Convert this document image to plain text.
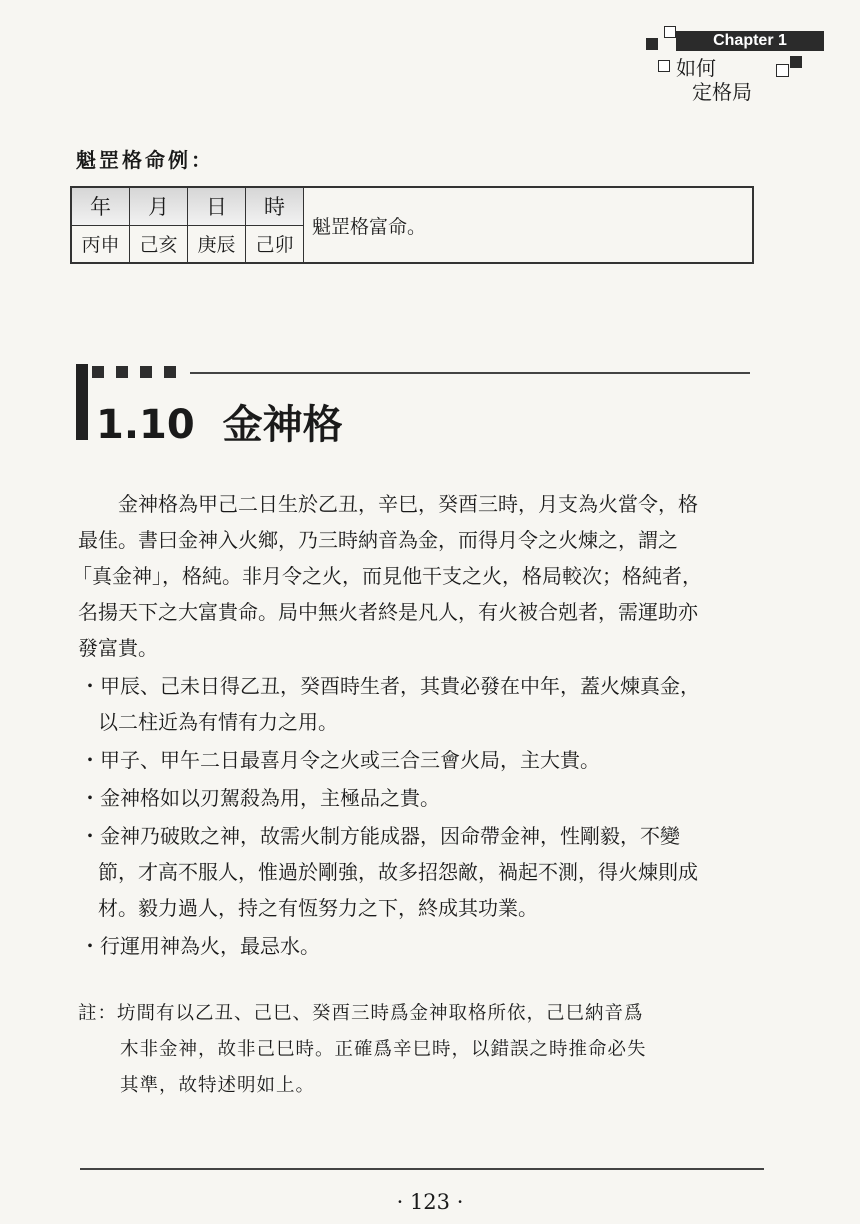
Chapter 1
如何
定格局
魁罡格命例：
年	月	日	時
丙申	己亥	庚辰	己卯
魁罡格富命。
1.10 金神格
金神格為甲己二日生於乙丑，辛巳，癸酉三時，月支為火當令，格
最佳。書曰金神入火鄉，乃三時納音為金，而得月令之火煉之，謂之
「真金神」，格純。非月令之火，而見他干支之火，格局較次；格純者，
名揚天下之大富貴命。局中無火者終是凡人，有火被合剋者，需運助亦
發富貴。
・甲辰、己未日得乙丑，癸酉時生者，其貴必發在中年，蓋火煉真金，
以二柱近為有情有力之用。
・甲子、甲午二日最喜月令之火或三合三會火局，主大貴。
・金神格如以刃駕殺為用，主極品之貴。
・金神乃破敗之神，故需火制方能成器，因命帶金神，性剛毅，不變
節，才高不服人，惟過於剛強，故多招怨敵，禍起不測，得火煉則成
材。毅力過人，持之有恆努力之下，終成其功業。
・行運用神為火，最忌水。
註：坊間有以乙丑、己巳、癸酉三時爲金神取格所依，己巳納音爲
木非金神，故非己巳時。正確爲辛巳時，以錯誤之時推命必失
其準，故特述明如上。
· 123 ·
